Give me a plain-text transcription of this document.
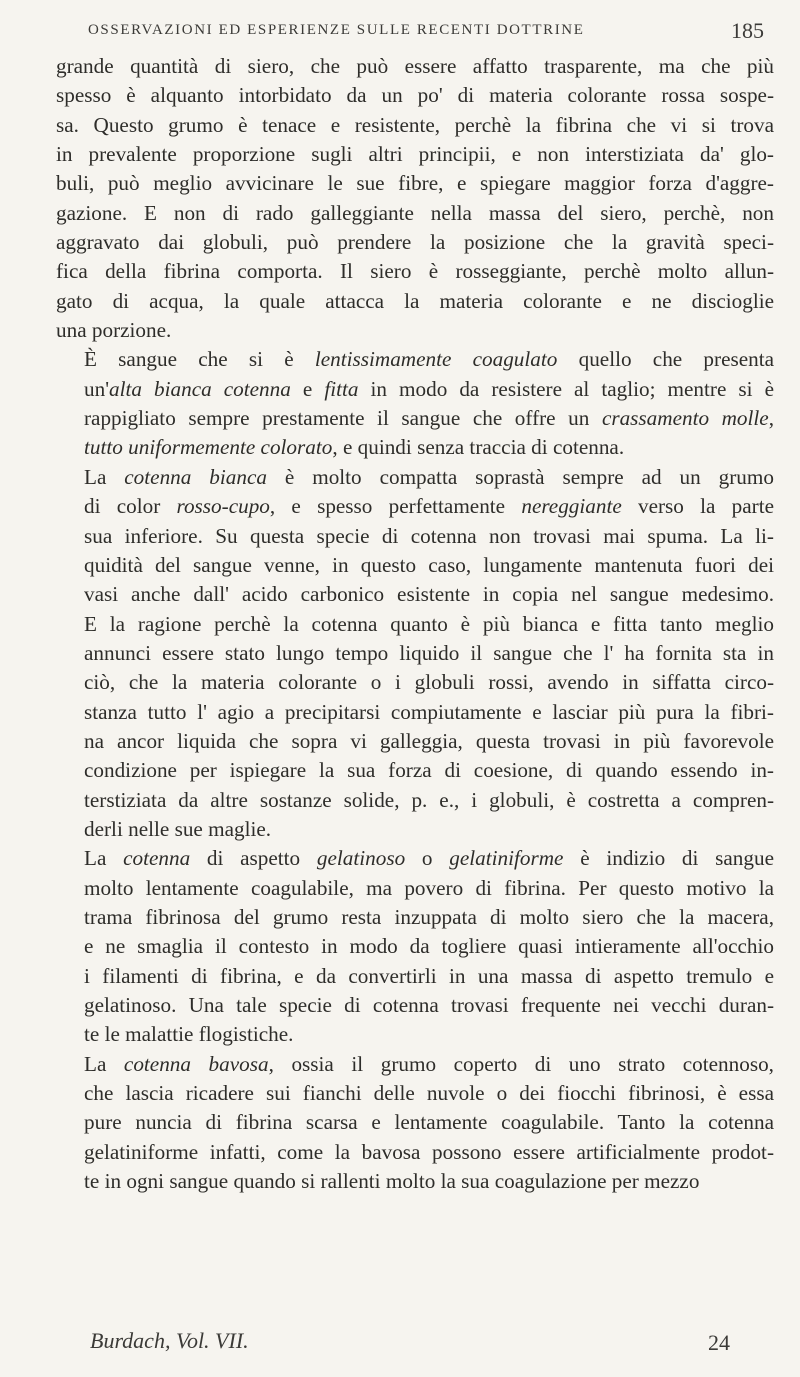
OSSERVAZIONI ED ESPERIENZE SULLE RECENTI DOTTRINE	185

grande quantità di siero, che può essere affatto trasparente, ma che più
spesso è alquanto intorbidato da un po' di materia colorante rossa sospe-
sa. Questo grumo è tenace e resistente, perchè la fibrina che vi si trova
in prevalente proporzione sugli altri principii, e non interstiziata da' glo-
buli, può meglio avvicinare le sue fibre, e spiegare maggior forza d'aggre-
gazione. E non di rado galleggiante nella massa del siero, perchè, non
aggravato dai globuli, può prendere la posizione che la gravità speci-
fica della fibrina comporta. Il siero è rosseggiante, perchè molto allun-
gato di acqua, la quale attacca la materia colorante e ne discioglie
una porzione.

È sangue che si è lentissimamente coagulato quello che presenta
un'alta bianca cotenna e fitta in modo da resistere al taglio; mentre si è
rappigliato sempre prestamente il sangue che offre un crassamento molle,
tutto uniformemente colorato, e quindi senza traccia di cotenna.

La cotenna bianca è molto compatta soprastà sempre ad un grumo
di color rosso-cupo, e spesso perfettamente nereggiante verso la parte
sua inferiore. Su questa specie di cotenna non trovasi mai spuma. La li-
quidità del sangue venne, in questo caso, lungamente mantenuta fuori dei
vasi anche dall' acido carbonico esistente in copia nel sangue medesimo.
E la ragione perchè la cotenna quanto è più bianca e fitta tanto meglio
annunci essere stato lungo tempo liquido il sangue che l' ha fornita sta in
ciò, che la materia colorante o i globuli rossi, avendo in siffatta circo-
stanza tutto l' agio a precipitarsi compiutamente e lasciar più pura la fibri-
na ancor liquida che sopra vi galleggia, questa trovasi in più favorevole
condizione per ispiegare la sua forza di coesione, di quando essendo in-
terstiziata da altre sostanze solide, p. e., i globuli, è costretta a compren-
derli nelle sue maglie.

La cotenna di aspetto gelatinoso o gelatiniforme è indizio di sangue
molto lentamente coagulabile, ma povero di fibrina. Per questo motivo la
trama fibrinosa del grumo resta inzuppata di molto siero che la macera,
e ne smaglia il contesto in modo da togliere quasi intieramente all'occhio
i filamenti di fibrina, e da convertirli in una massa di aspetto tremulo e
gelatinoso. Una tale specie di cotenna trovasi frequente nei vecchi duran-
te le malattie flogistiche.

La cotenna bavosa, ossia il grumo coperto di uno strato cotennoso,
che lascia ricadere sui fianchi delle nuvole o dei fiocchi fibrinosi, è essa
pure nuncia di fibrina scarsa e lentamente coagulabile. Tanto la cotenna
gelatiniforme infatti, come la bavosa possono essere artificialmente prodot-
te in ogni sangue quando si rallenti molto la sua coagulazione per mezzo

Burdach, Vol. VII.	24
